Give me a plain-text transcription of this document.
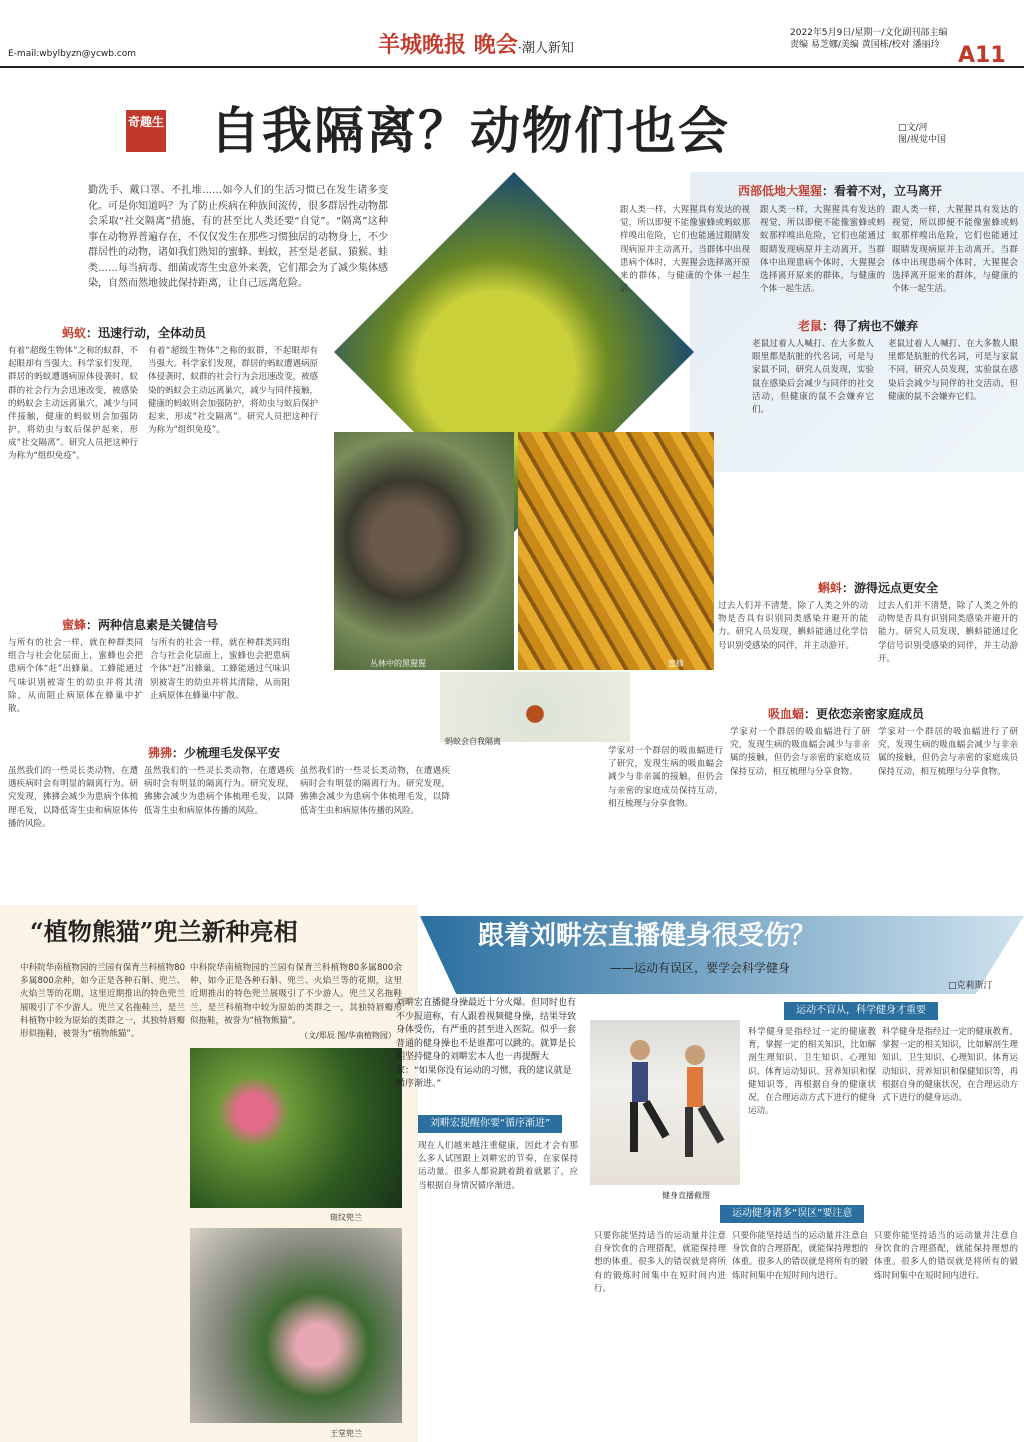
E-mail:wbylbyzn@ycwb.com	羊城晚报 晚会·潮人新知
2022年5月9日/星期一/文化副刊部主编
责编 易芝娜/美编 黄国栋/校对 潘丽玲 A11
奇趣生 自我隔离？动物们也会	□文/河
图/视觉中国
勤洗手、戴口罩、不扎堆……如今人们的生活习惯已在发生诸多变化。可是你知道吗？为了防止疾病在种族间流传，很多群居性动物都会采取“社交隔离”措施，有的甚至比人类还要“自觉”。“隔离”这种事在动物界普遍存在，不仅仅发生在那些习惯独居的动物身上，不少群居性的动物，诸如我们熟知的蜜蜂、蚂蚁，甚至是老鼠、猿猴、蛙类……每当病毒、细菌或寄生虫意外来袭，它们都会为了减少集体感染，自然而然地彼此保持距离，让自己远离危险。
牛蛙
丛林中的黑猩猩	蜜蜂
蚂蚁会自我隔离
蚂蚁：迅速行动，全体动员
有着“超级生物体”之称的蚁群，不起眼却有当强大。科学家们发现，群居的蚂蚁遭遇病原体侵袭时，蚁群的社会行为会迅速改变，被感染的蚂蚁会主动远离巢穴，减少与同伴接触，健康的蚂蚁则会加强防护，将幼虫与蚁后保护起来，形成“社交隔离”。研究人员把这种行为称为“组织免疫”。
有着“超级生物体”之称的蚁群，不起眼却有当强大。科学家们发现，群居的蚂蚁遭遇病原体侵袭时，蚁群的社会行为会迅速改变，被感染的蚂蚁会主动远离巢穴，减少与同伴接触，健康的蚂蚁则会加强防护，将幼虫与蚁后保护起来，形成“社交隔离”。研究人员把这种行为称为“组织免疫”。
蜜蜂：两种信息素是关键信号
与所有的社会一样，就在种群类同组合与社会化层面上，蜜蜂也会把患病个体“赶”出蜂巢。工蜂能通过气味识别被寄生的幼虫并将其清除，从而阻止病原体在蜂巢中扩散。
与所有的社会一样，就在种群类同组合与社会化层面上，蜜蜂也会把患病个体“赶”出蜂巢。工蜂能通过气味识别被寄生的幼虫并将其清除，从而阻止病原体在蜂巢中扩散。
狒狒：少梳理毛发保平安
虽然我们的一些灵长类动物，在遭遇疾病时会有明显的隔离行为。研究发现，狒狒会减少为患病个体梳理毛发，以降低寄生虫和病原体传播的风险。
虽然我们的一些灵长类动物，在遭遇疾病时会有明显的隔离行为。研究发现，狒狒会减少为患病个体梳理毛发，以降低寄生虫和病原体传播的风险。
虽然我们的一些灵长类动物，在遭遇疾病时会有明显的隔离行为。研究发现，狒狒会减少为患病个体梳理毛发，以降低寄生虫和病原体传播的风险。
西部低地大猩猩：看着不对，立马离开
跟人类一样，大猩猩具有发达的视觉，所以即便不能像蜜蜂或蚂蚁那样嗅出危险，它们也能通过眼睛发现病原并主动离开。当群体中出现患病个体时，大猩猩会选择离开原来的群体，与健康的个体一起生活。
跟人类一样，大猩猩具有发达的视觉，所以即便不能像蜜蜂或蚂蚁那样嗅出危险，它们也能通过眼睛发现病原并主动离开。当群体中出现患病个体时，大猩猩会选择离开原来的群体，与健康的个体一起生活。
跟人类一样，大猩猩具有发达的视觉，所以即便不能像蜜蜂或蚂蚁那样嗅出危险，它们也能通过眼睛发现病原并主动离开。当群体中出现患病个体时，大猩猩会选择离开原来的群体，与健康的个体一起生活。
老鼠：得了病也不嫌弃
老鼠过着人人喊打、在大多数人眼里都是肮脏的代名词，可是与家鼠不同，研究人员发现，实验鼠在感染后会减少与同伴的社交活动，但健康的鼠不会嫌弃它们。
老鼠过着人人喊打、在大多数人眼里都是肮脏的代名词，可是与家鼠不同，研究人员发现，实验鼠在感染后会减少与同伴的社交活动，但健康的鼠不会嫌弃它们。
蝌蚪：游得远点更安全
过去人们并不清楚，除了人类之外的动物是否具有识别同类感染并避开的能力。研究人员发现，蝌蚪能通过化学信号识别受感染的同伴，并主动游开。
过去人们并不清楚，除了人类之外的动物是否具有识别同类感染并避开的能力。研究人员发现，蝌蚪能通过化学信号识别受感染的同伴，并主动游开。
吸血蝠：更依恋亲密家庭成员
学家对一个群居的吸血蝠进行了研究，发现生病的吸血蝠会减少与非亲属的接触，但仍会与亲密的家庭成员保持互动，相互梳理与分享食物。
学家对一个群居的吸血蝠进行了研究，发现生病的吸血蝠会减少与非亲属的接触，但仍会与亲密的家庭成员保持互动，相互梳理与分享食物。
学家对一个群居的吸血蝠进行了研究，发现生病的吸血蝠会减少与非亲属的接触，但仍会与亲密的家庭成员保持互动，相互梳理与分享食物。
“植物熊猫”兜兰新种亮相
中科院华南植物园的兰园有保育兰科植物80多属800余种，如今正是各种石斛、兜兰、火焰兰等的花期，这里近期推出的特色兜兰展吸引了不少游人。兜兰又名拖鞋兰，是兰科植物中较为原始的类群之一，其独特唇瓣形似拖鞋，被誉为“植物熊猫”。
中科院华南植物园的兰园有保育兰科植物80多属800余种，如今正是各种石斛、兜兰、火焰兰等的花期，这里近期推出的特色兜兰展吸引了不少游人。兜兰又名拖鞋兰，是兰科植物中较为原始的类群之一，其独特唇瓣形似拖鞋，被誉为“植物熊猫”。
（文/郑辰 图/华南植物园）
斑纹兜兰
王堂兜兰
跟着刘畊宏直播健身很受伤？
——运动有误区，要学会科学健身
□克莉斯汀
刘畊宏直播健身操最近十分火爆。但同时也有不少报道称，有人跟着视频健身操，结果导致身体受伤，有严重的甚至进入医院。似乎一套普通的健身操也不是谁都可以跳的。就算是长期坚持健身的刘畊宏本人也一再提醒大家：“如果你没有运动的习惯，我的建议就是循序渐进。”
健身直播截图
刘畊宏提醒你要“循序渐进”
现在人们越来越注重健康，因此才会有那么多人试图跟上刘畊宏的节奏，在家保持运动量。很多人都说跳着跳着就累了，应当根据自身情况循序渐进。
运动不盲从，科学健身才重要
科学健身是指经过一定的健康教育，掌握一定的相关知识，比如解剖生理知识、卫生知识、心理知识、体育运动知识、营养知识和保健知识等，再根据自身的健康状况，在合理运动方式下进行的健身运动。
科学健身是指经过一定的健康教育，掌握一定的相关知识，比如解剖生理知识、卫生知识、心理知识、体育运动知识、营养知识和保健知识等，再根据自身的健康状况，在合理运动方式下进行的健身运动。
运动健身诸多“误区”要注意
只要你能坚持适当的运动量并注意自身饮食的合理搭配，就能保持理想的体重。很多人的错误就是将所有的锻炼时间集中在短时间内进行。
只要你能坚持适当的运动量并注意自身饮食的合理搭配，就能保持理想的体重。很多人的错误就是将所有的锻炼时间集中在短时间内进行。
只要你能坚持适当的运动量并注意自身饮食的合理搭配，就能保持理想的体重。很多人的错误就是将所有的锻炼时间集中在短时间内进行。
